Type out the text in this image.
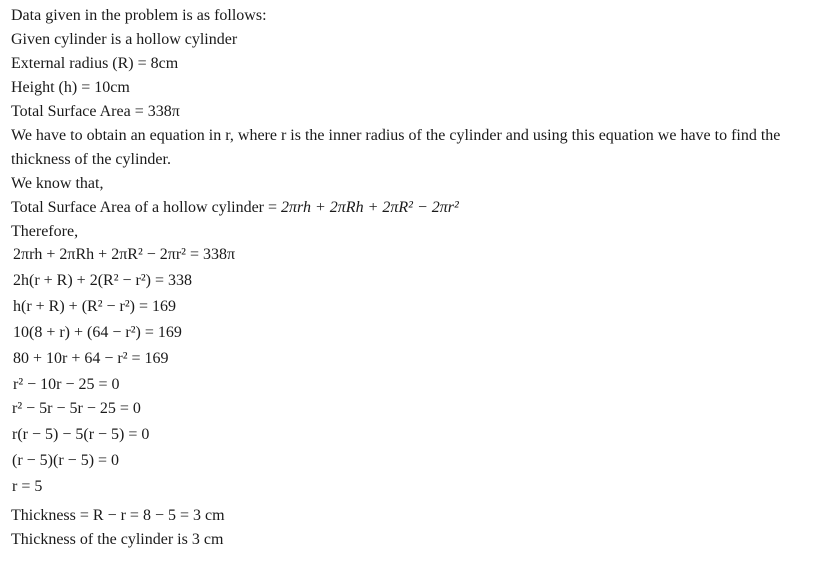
Data given in the problem is as follows:
Given cylinder is a hollow cylinder
External radius (R) = 8cm
Height (h) = 10cm
Total Surface Area = 338π
We have to obtain an equation in r, where r is the inner radius of the cylinder and using this equation we have to find the thickness of the cylinder.
We know that,
Total Surface Area of a hollow cylinder = 2πrh + 2πRh + 2πR² − 2πr²
Therefore,
2πrh + 2πRh + 2πR² − 2πr² = 338π
2h(r + R) + 2(R² − r²) = 338
h(r + R) + (R² − r²) = 169
10(8 + r) + (64 − r²) = 169
80 + 10r + 64 − r² = 169
r² − 10r − 25 = 0
r² − 5r − 5r − 25 = 0
r(r − 5) − 5(r − 5) = 0
(r − 5)(r − 5) = 0
r = 5
Thickness = R − r = 8 − 5 = 3 cm
Thickness of the cylinder is 3 cm
